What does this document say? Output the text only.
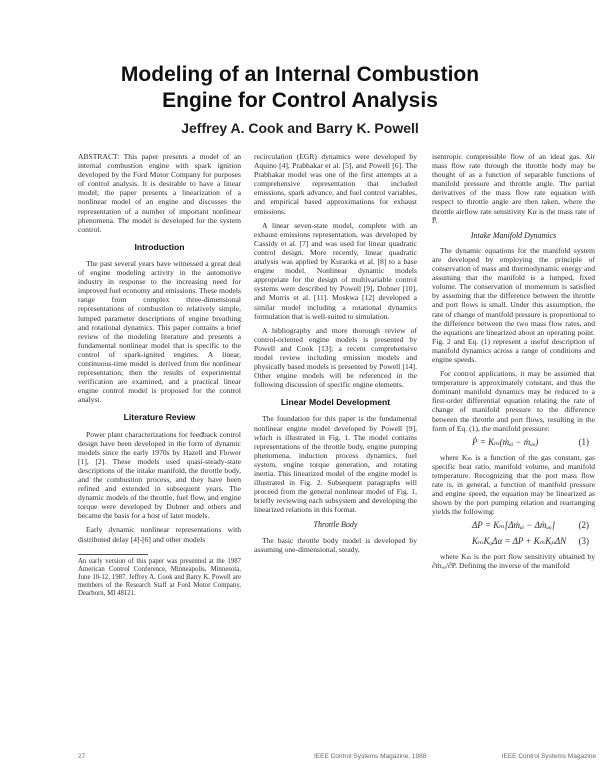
Modeling of an Internal Combustion
Engine for Control Analysis
Jeffrey A. Cook and Barry K. Powell

ABSTRACT: This paper presents a model of an internal combustion engine with spark ignition developed by the Ford Motor Company for purposes of control analysis. It is desirable to have a linear model; the paper presents a linearization of a nonlinear model of an engine and discusses the representation of a number of important nonlinear phenomena. The model is developed for the system control.

Introduction

The past several years have witnessed a great deal of engine modeling activity in the automotive industry in response to the increasing need for improved fuel economy and emissions. These models range from complex three-dimensional representations of combustion to relatively simple, lumped parameter descriptions of engine breathing and rotational dynamics. This paper contains a brief review of the modeling literature and presents a fundamental nonlinear model that is specific to the control of spark-ignited engines. A linear, continuous-time model is derived from the nonlinear representation; then the results of experimental verification are examined, and a practical linear engine control model is proposed for the control analyst.

Literature Review

Power plant characterizations for feedback control design have been developed in the form of dynamic models since the early 1970s by Hazell and Flower [1], [2]. These models used quasi-steady-state descriptions of the intake manifold, the throttle body, and the combustion process, and they have been refined and extended in subsequent years. The dynamic models of the throttle, fuel flow, and engine torque were developed by Dobner and others and became the basis for a host of later models.

Early dynamic nonlinear representations with distributed delay [4]-[6] and other models

An early version of this paper was presented at the 1987 American Control Conference, Minneapolis, Minnesota, June 10-12, 1987. Jeffrey A. Cook and Barry K. Powell are members of the Research Staff at Ford Motor Company, Dearborn, MI 48121.

recirculation (EGR) dynamics were developed by Aquino [4], Prabhakar et al. [5], and Powell [6]. The Prabhakar model was one of the first attempts at a comprehensive representation that included emissions, spark advance, and fuel control variables, and empirical based approximations for exhaust emissions.

A linear seven-state model, complete with an exhaust emissions representation, was developed by Cassidy et al. [7] and was used for linear quadratic control design. More recently, linear quadratic analysis was applied by Kuraoka et al. [8] to a base engine model. Nonlinear dynamic models appropriate for the design of multivariable control systems were described by Powell [9], Dobner [10], and Morris et al. [11]. Moskwa [12] developed a similar model including a rotational dynamics formulation that is well-suited to simulation.

A bibliography and more thorough review of control-oriented engine models is presented by Powell and Cook [13]; a recent comprehensive model review including emission models and physically based models is presented by Powell [14]. Other engine models will be referenced in the following discussion of specific engine elements.

Linear Model Development

The foundation for this paper is the fundamental nonlinear engine model developed by Powell [9], which is illustrated in Fig. 1. The model contains representations of the throttle body, engine pumping phenomena, induction process dynamics, fuel system, engine torque generation, and rotating inertia. This linearized model of the engine model is illustrated in Fig. 2. Subsequent paragraphs will proceed from the general nonlinear model of Fig. 1, briefly reviewing each subsystem and developing the linearized relations in this format.

Throttle Body

The basic throttle body model is developed by assuming one-dimensional, steady,

isentropic compressible flow of an ideal gas. Air mass flow rate through the throttle body may be thought of as a function of separable functions of manifold pressure and throttle angle. The partial derivatives of the mass flow rate equation with respect to throttle angle are then taken, where the throttle airflow rate sensitivity Kα is the mass rate of P̅.

Intake Manifold Dynamics

The dynamic equations for the manifold system are developed by employing the principle of conservation of mass and thermodynamic energy and assuming that the manifold is a lumped, fixed volume. The conservation of momentum is satisfied by assuming that the difference between the throttle and port flows is small. Under this assumption, the rate of change of manifold pressure is proportional to the difference between the two mass flow rates, and the equations are linearized about an operating point. Fig. 2 and Eq. (1) represent a useful description of manifold dynamics across a range of conditions and engine speeds.

For control applications, it may be assumed that temperature is approximately constant, and thus the dominant manifold dynamics may be reduced to a first-order differential equation relating the rate of change of manifold pressure to the difference between the throttle and port flows, resulting in the form of Eq. (1), the manifold pressure:

Ṗ = Kₘ(ṁₐᵢ − ṁₐₒ)	(1)

where Kₘ is a function of the gas constant, gas specific heat ratio, manifold volume, and manifold temperature. Recognizing that the port mass flow rate is, in general, a function of manifold pressure and engine speed, the equation may be linearized as shown by the port pumping relation and rearranging yields the following:

ΔP = Kₘ[Δṁₐᵢ − Δṁₐₒ]	(2)
KₘKₐΔα = ΔP + KₘKₚΔN (3)

where Kₘ is the port flow sensitivity obtained by ∂ṁₐₒ/∂P. Defining the inverse of the manifold

27	IEEE Control Systems Magazine, 1988	IEEE Control Systems Magazine
